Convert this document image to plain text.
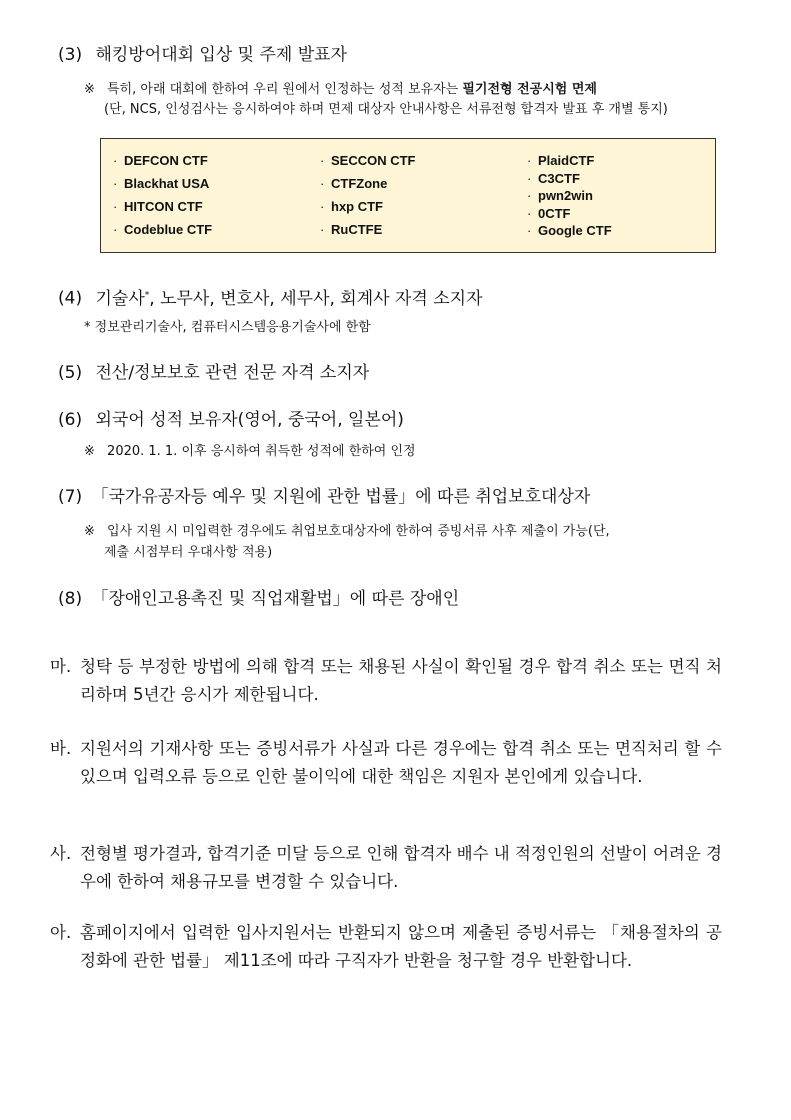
(3) 해킹방어대회 입상 및 주제 발표자
※ 특히, 아래 대회에 한하여 우리 원에서 인정하는 성적 보유자는 필기전형 전공시험 면제
(단, NCS, 인성검사는 응시하여야 하며 면제 대상자 안내사항은 서류전형 합격자 발표 후 개별 통지)
· DEFCON CTF
· Blackhat USA
· HITCON CTF
· Codeblue CTF
· SECCON CTF
· CTFZone
· hxp CTF
· RuCTFE
· PlaidCTF
· C3CTF
· pwn2win
· 0CTF
· Google CTF
(4) 기술사*, 노무사, 변호사, 세무사, 회계사 자격 소지자
* 정보관리기술사, 컴퓨터시스템응용기술사에 한함
(5) 전산/정보보호 관련 전문 자격 소지자
(6) 외국어 성적 보유자(영어, 중국어, 일본어)
※ 2020. 1. 1. 이후 응시하여 취득한 성적에 한하여 인정
(7) 「국가유공자등 예우 및 지원에 관한 법률」에 따른 취업보호대상자
※ 입사 지원 시 미입력한 경우에도 취업보호대상자에 한하여 증빙서류 사후 제출이 가능(단,
제출 시점부터 우대사항 적용)
(8) 「장애인고용촉진 및 직업재활법」에 따른 장애인
마. 청탁 등 부정한 방법에 의해 합격 또는 채용된 사실이 확인될 경우 합격 취소 또는 면직 처리하며 5년간 응시가 제한됩니다.
바. 지원서의 기재사항 또는 증빙서류가 사실과 다른 경우에는 합격 취소 또는 면직처리 할 수 있으며 입력오류 등으로 인한 불이익에 대한 책임은 지원자 본인에게 있습니다.
사. 전형별 평가결과, 합격기준 미달 등으로 인해 합격자 배수 내 적정인원의 선발이 어려운 경우에 한하여 채용규모를 변경할 수 있습니다.
아. 홈페이지에서 입력한 입사지원서는 반환되지 않으며 제출된 증빙서류는 「채용절차의 공정화에 관한 법률」 제11조에 따라 구직자가 반환을 청구할 경우 반환합니다.
